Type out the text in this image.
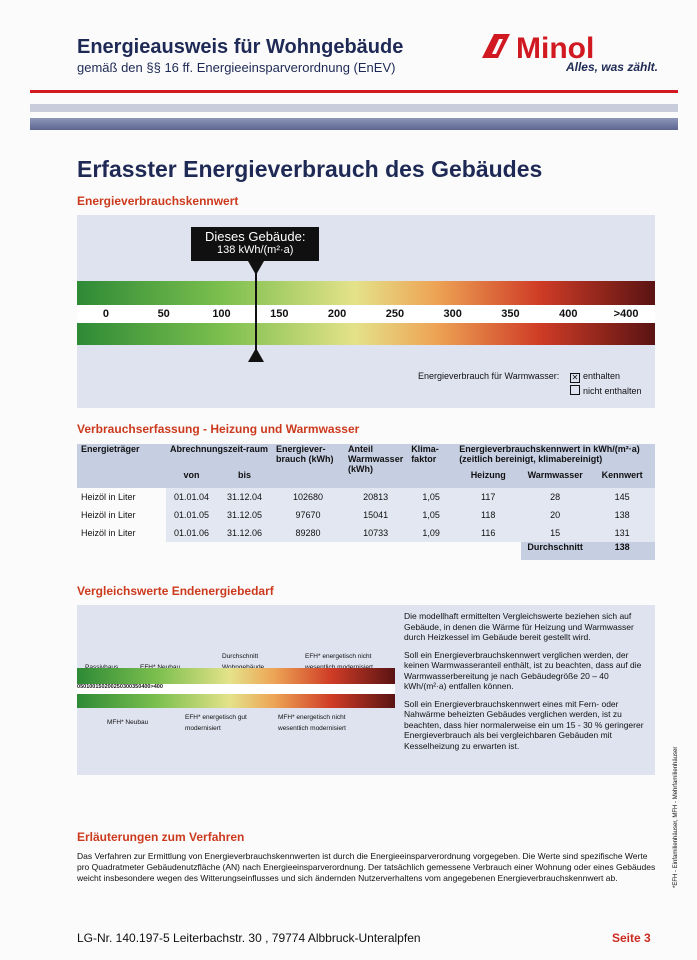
Energieausweis für Wohngebäude
gemäß den §§ 16 ff. Energieeinsparverordnung (EnEV)
Minol
Alles, was zählt.
Erfasster Energieverbrauch des Gebäudes
Energieverbrauchskennwert
0	50	100	150	200	250	300	350	400	>400
Dieses Gebäude:
138 kWh/(m²·a)
Energieverbrauch für Warmwasser: ✕ enthalten
nicht enthalten
Verbrauchserfassung - Heizung und Warmwasser
Energieträger	Abrechnungszeit-raum		Energiever-brauch (kWh)	Anteil Warmwasser (kWh)	Klima-faktor	Energieverbrauchskennwert in kWh/(m²·a) (zeitlich bereinigt, klimabereinigt)		
	von	bis				Heizung	Warmwasser	Kennwert
Heizöl in Liter	01.01.04	31.12.04	102680	20813	1,05	117	28	145
Heizöl in Liter	01.01.05	31.12.05	97670	15041	1,05	118	20	138
Heizöl in Liter	01.01.06	31.12.06	89280	10733	1,09	116	15	131
							Durchschnitt	138
Vergleichswerte Endenergiebedarf
Durchschnitt	EFH* energetisch nicht
0 50 100 150 200 250 300 350 400 >400
MFH* Neubau
EFH* energetisch gut modernisiert
MFH* energetisch nicht wesentlich modernisiert

Die modellhaft ermittelten Vergleichswerte beziehen sich auf Gebäude, in denen die Wärme für Heizung und Warmwasser durch Heizkessel im Gebäude bereit gestellt wird.

Soll ein Energieverbrauchskennwert verglichen werden, der keinen Warmwasseranteil enthält, ist zu beachten, dass auf die Warmwasserbereitung je nach Gebäudegröße 20 – 40 kWh/(m²·a) entfallen können.

Soll ein Energieverbrauchskennwert eines mit Fern- oder Nahwärme beheizten Gebäudes verglichen werden, ist zu beachten, dass hier normalerweise ein um 15 - 30 % geringerer Energieverbrauch als bei vergleichbaren Gebäuden mit Kesselheizung zu erwarten ist.

Erläuterungen zum Verfahren
Das Verfahren zur Ermittlung von Energieverbrauchskennwerten ist durch die Energieeinsparverordnung vorgegeben. Die Werte sind spezifische Werte pro Quadratmeter Gebäudenutzfläche (AN) nach Energieeinsparverordnung. Der tatsächlich gemessene Verbrauch einer Wohnung oder eines Gebäudes weicht insbesondere wegen des Witterungseinflusses und sich ändernden Nutzerverhaltens vom angegebenen Energieverbrauchskennwert ab.	*EFH - Einfamilienhäuser, MFH - Mehrfamilienhäuser
LG-Nr. 140.197-5 Leiterbachstr. 30 , 79774 Albbruck-Unteralpfen	Seite 3
